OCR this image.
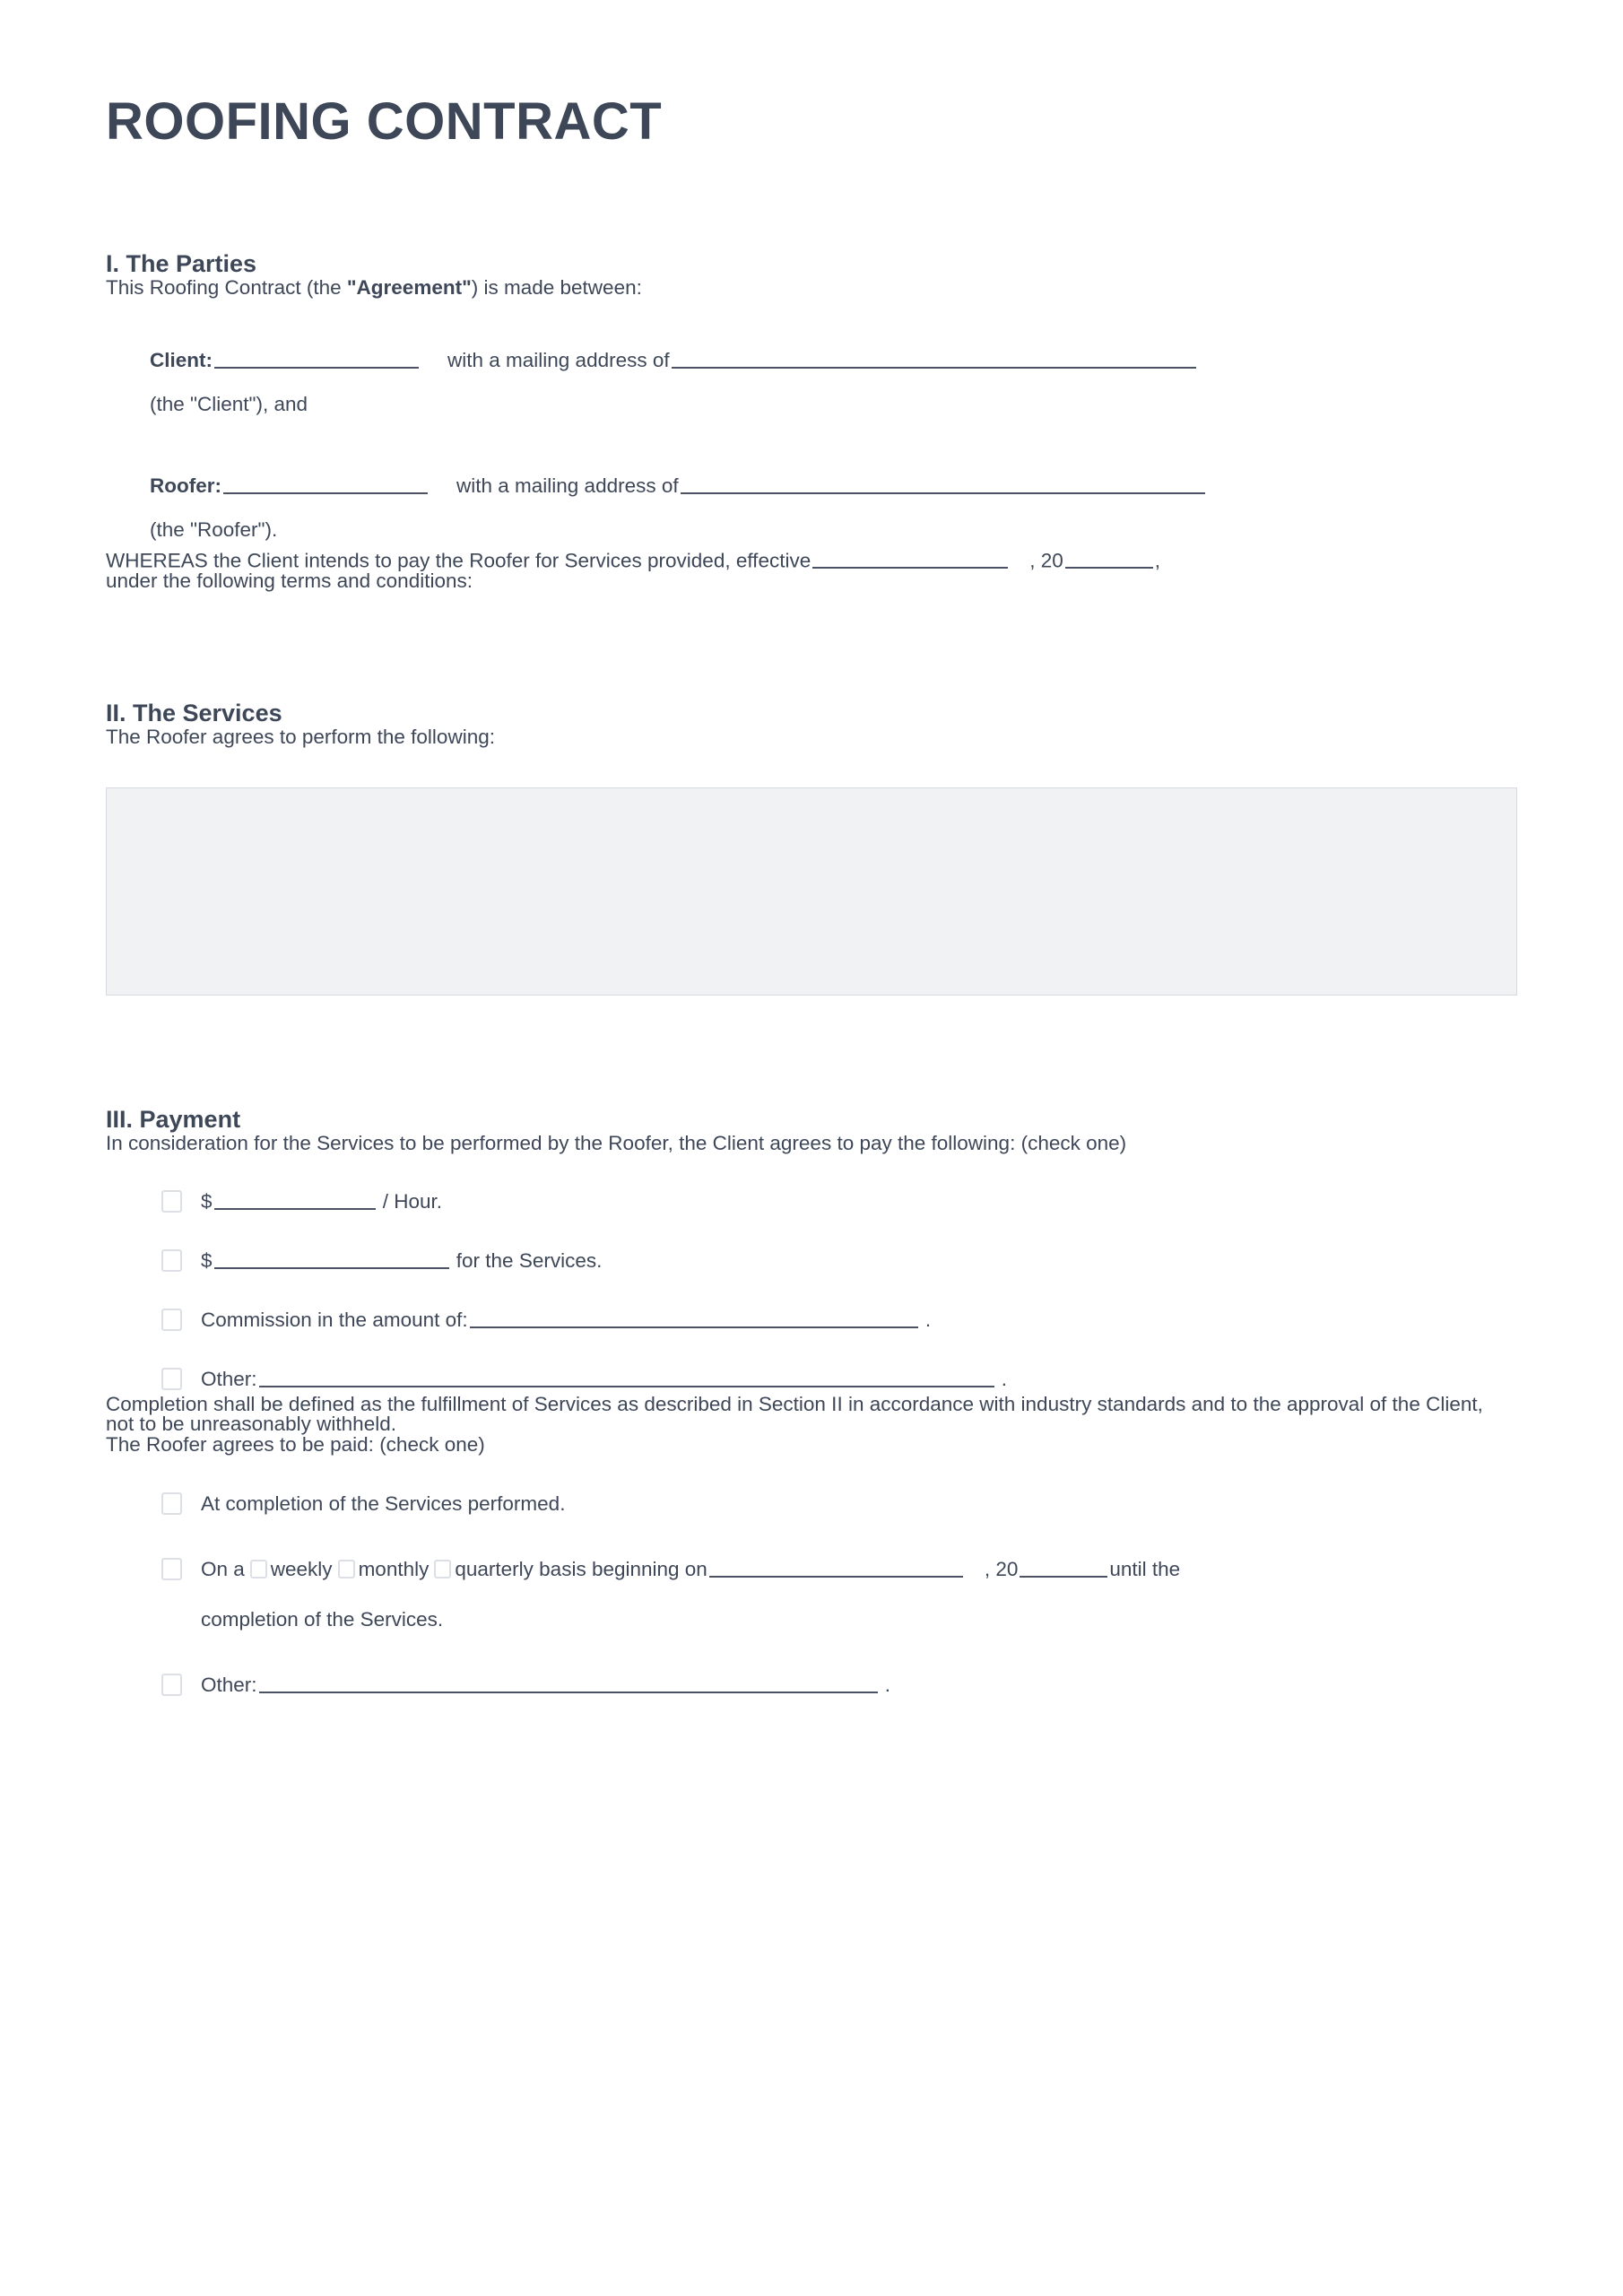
ROOFING CONTRACT
I. The Parties

This Roofing Contract (the "Agreement") is made between:

Client:	with a mailing address of
(the "Client"), and
Roofer:	with a mailing address of
(the "Roofer").

WHEREAS the Client intends to pay the Roofer for Services provided, effective	, 20	,
under the following terms and conditions:

II. The Services

The Roofer agrees to perform the following:

III. Payment

In consideration for the Services to be performed by the Roofer, the Client agrees to pay the following: (check one)

$	/ Hour.
$	for the Services.
Commission in the amount of:	.
Other:	.

Completion shall be defined as the fulfillment of Services as described in Section II in accordance with industry standards and to the approval of the Client, not to be unreasonably withheld.

The Roofer agrees to be paid: (check one)

At completion of the Services performed.
On a weekly monthly quarterly basis beginning on	, 20	until the
completion of the Services.
Other:	.
